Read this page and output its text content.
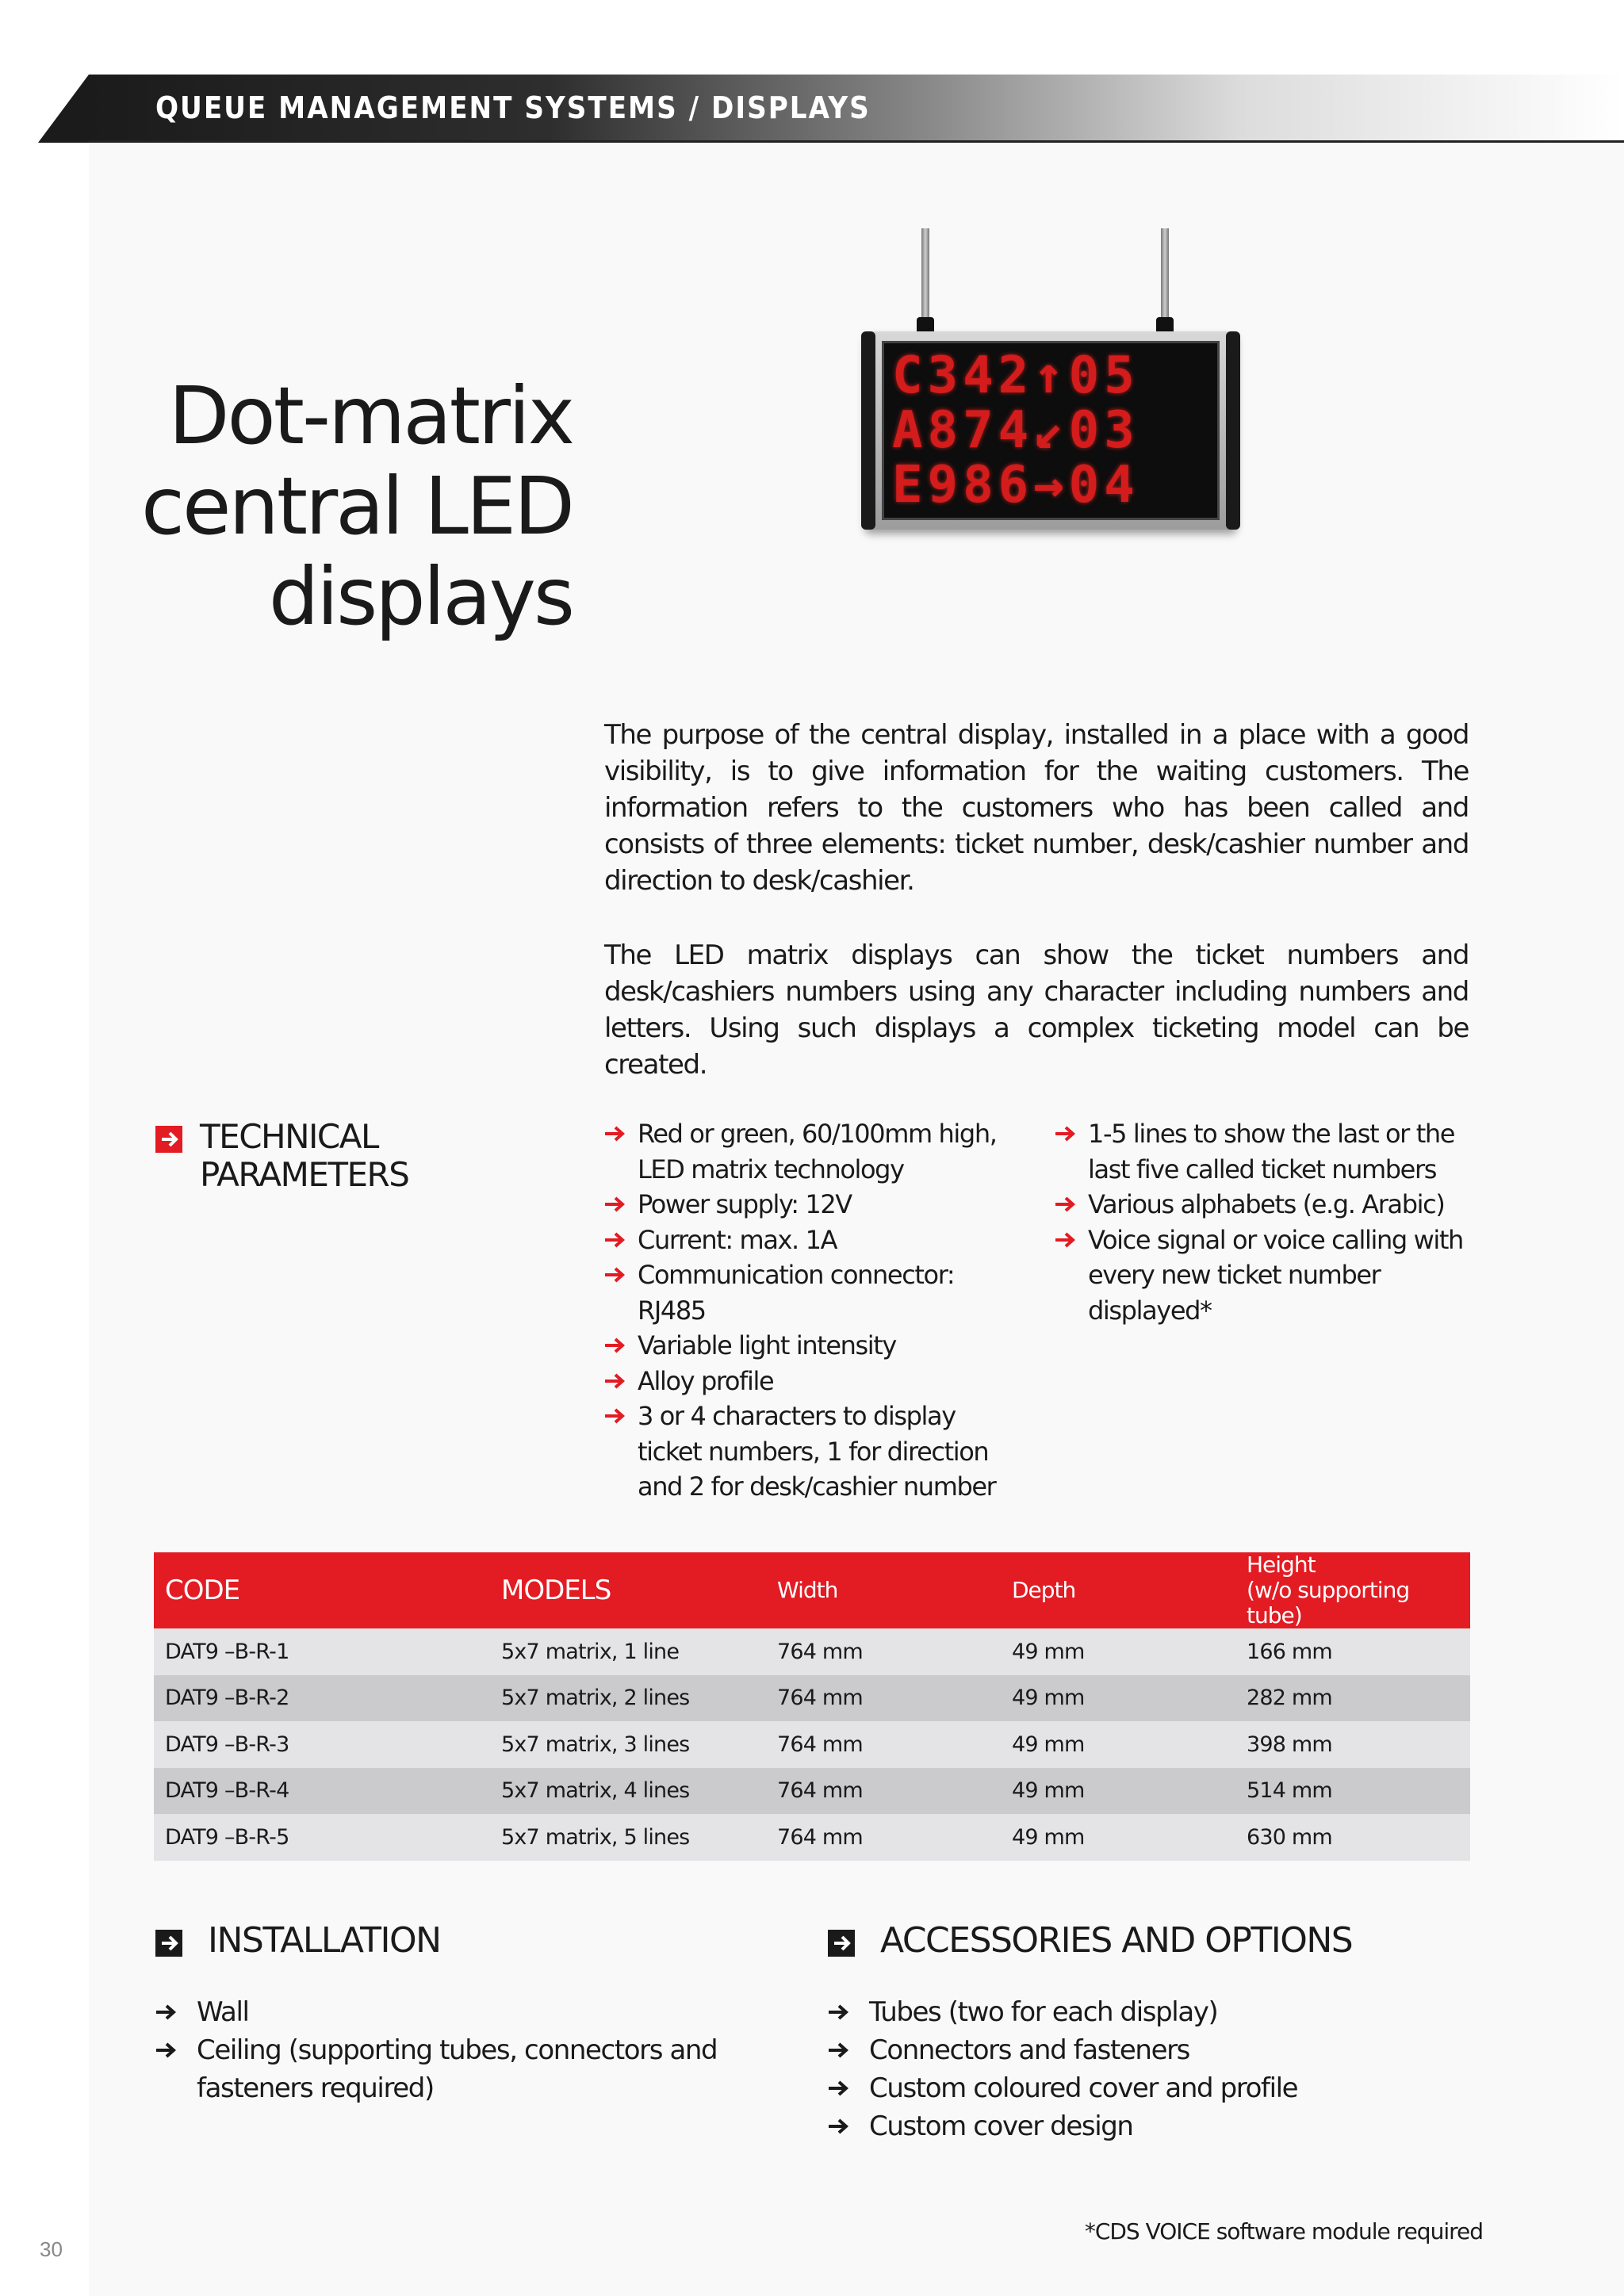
QUEUE MANAGEMENT SYSTEMS / DISPLAYS
Dot-matrix
central LED
displays
C342↑05
A874↙03
E986→04

The purpose of the central display, installed in a place with a good visibility, is to give information for the waiting customers. The information refers to the customers who has been called and consists of three elements: ticket number, desk/cashier number and direction to desk/cashier.

The LED matrix displays can show the ticket numbers and desk/cashiers numbers using any character including numbers and letters. Using such displays a complex ticketing model can be created.

TECHNICAL
PARAMETERS
Red or green, 60/100mm high, LED matrix technology
Power supply: 12V
Current: max. 1A
Communication connector: RJ485
Variable light intensity
Alloy profile
3 or 4 characters to display ticket numbers, 1 for direction and 2 for desk/cashier number
1-5 lines to show the last or the last five called ticket numbers
Various alphabets (e.g. Arabic)
Voice signal or voice calling with every new ticket number displayed*
CODE	MODELS	Width	Depth	Height
(w/o supporting tube)

DAT9 –B-R-1	5x7 matrix, 1 line	764 mm	49 mm	166 mm
DAT9 –B-R-2	5x7 matrix, 2 lines	764 mm	49 mm	282 mm
DAT9 –B-R-3	5x7 matrix, 3 lines	764 mm	49 mm	398 mm
DAT9 –B-R-4	5x7 matrix, 4 lines	764 mm	49 mm	514 mm
DAT9 –B-R-5	5x7 matrix, 5 lines	764 mm	49 mm	630 mm
INSTALLATION
Wall
Ceiling (supporting tubes, connectors and fasteners required)
ACCESSORIES AND OPTIONS
Tubes (two for each display)
Connectors and fasteners
Custom coloured cover and profile
Custom cover design
*CDS VOICE software module required
30
